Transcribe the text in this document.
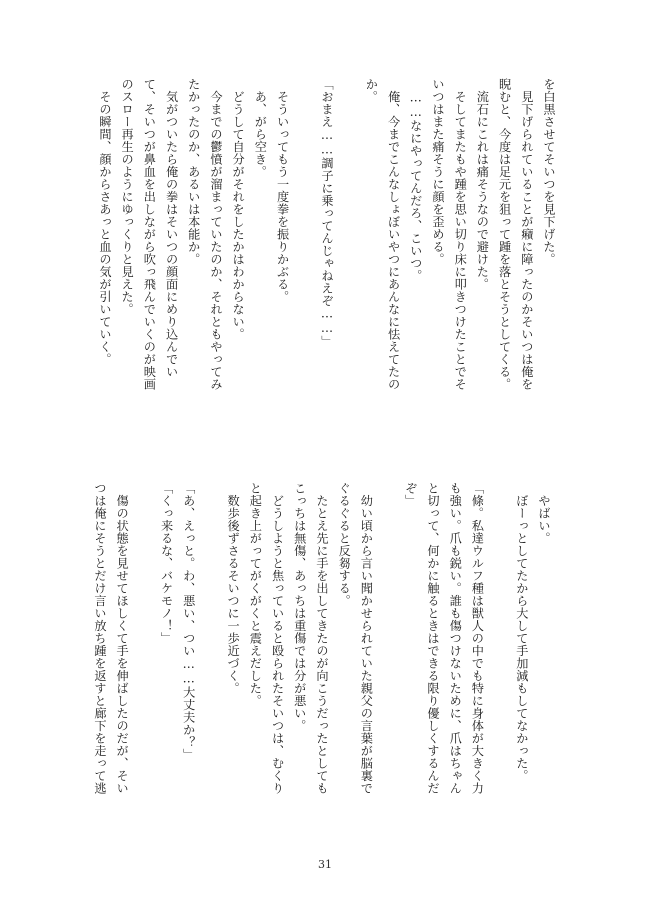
を白黒させてそいつを見下げた。
　見下げられていることが癪に障ったのかそいつは俺を
睨むと、今度は足元を狙って踵を落とそうとしてくる。
　流石にこれは痛そうなので避けた。
　そしてまたもや踵を思い切り床に叩きつけたことでそ
いつはまた痛そうに顔を歪める。
　……なにやってんだろ、こいつ。
　俺、今までこんなしょぼいやつにあんなに怯えてたの
か。

「おまえ……調子に乗ってんじゃねえぞ……」

　そういってもう一度拳を振りかぶる。
　あ、がら空き。
　どうして自分がそれをしたかはわからない。
　今までの鬱憤が溜まっていたのか、それともやってみ
たかったのか、あるいは本能か。
　気がついたら俺の拳はそいつの顔面にめり込んでい
て、そいつが鼻血を出しながら吹っ飛んでいくのが映画
のスロー再生のようにゆっくりと見えた。
　その瞬間、顔からさあっと血の気が引いていく。
　やばい。
　ぼーっとしてたから大して手加減もしてなかった。

「條。私達ウルフ種は獣人の中でも特に身体が大きく力
も強い。爪も鋭い。誰も傷つけないために、爪はちゃん
と切って、何かに触るときはできる限り優しくするんだ
ぞ」

　幼い頃から言い聞かせられていた親父の言葉が脳裏で
ぐるぐると反芻する。
　たとえ先に手を出してきたのが向こうだったとしても
こっちは無傷、あっちは重傷では分が悪い。
　どうしようと焦っていると殴られたそいつは、むくり
と起き上がってがくがくと震えだした。
　数歩後ずさるそいつに一歩近づく。

「あ、えっと。わ、悪い、つい……大丈夫か？」
「くっ来るな、バケモノ！」

　傷の状態を見せてほしくて手を伸ばしたのだが、そい
つは俺にそうとだけ言い放ち踵を返すと廊下を走って逃
31
